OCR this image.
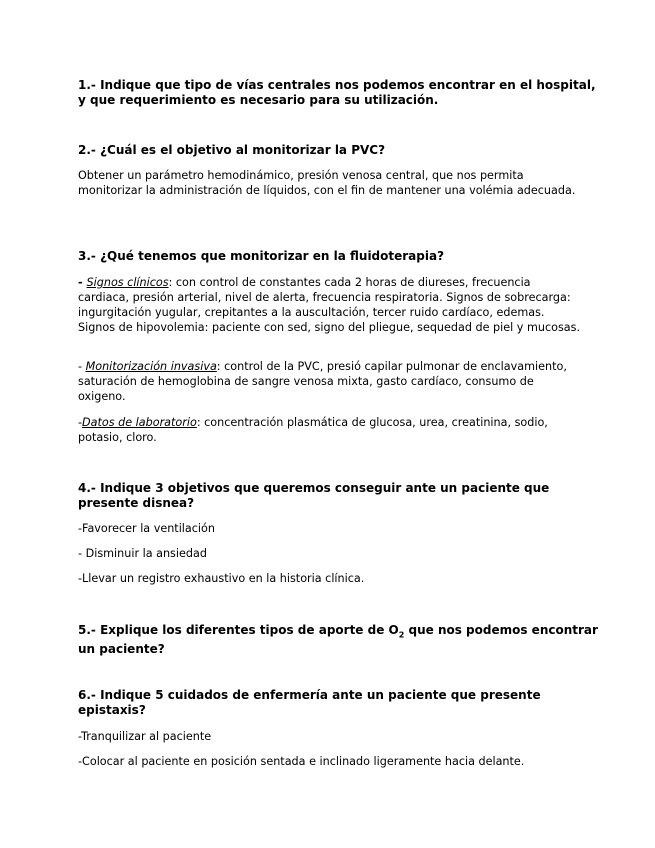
1.- Indique que tipo de vías centrales nos podemos encontrar en el hospital, y que requerimiento es necesario para su utilización.

2.- ¿Cuál es el objetivo al monitorizar la PVC?

Obtener un parámetro hemodinámico, presión venosa central, que nos permita monitorizar la administración de líquidos, con el fin de mantener una volémia adecuada.

3.- ¿Qué tenemos que monitorizar en la fluidoterapia?

- Signos clínicos: con control de constantes cada 2 horas de diureses, frecuencia cardiaca, presión arterial, nivel de alerta, frecuencia respiratoria. Signos de sobrecarga: ingurgitación yugular, crepitantes a la auscultación, tercer ruido cardíaco, edemas. Signos de hipovolemia: paciente con sed, signo del pliegue, sequedad de piel y mucosas.

- Monitorización invasiva: control de la PVC, presió capilar pulmonar de enclavamiento, saturación de hemoglobina de sangre venosa mixta, gasto cardíaco, consumo de oxigeno.

-Datos de laboratorio: concentración plasmática de glucosa, urea, creatinina, sodio, potasio, cloro.

4.- Indique 3 objetivos que queremos conseguir ante un paciente que presente disnea?

-Favorecer la ventilación

- Disminuir la ansiedad

-Llevar un registro exhaustivo en la historia clínica.

5.- Explique los diferentes tipos de aporte de $O_2$ que nos podemos encontrar un paciente?

6.- Indique 5 cuidados de enfermería ante un paciente que presente epistaxis?

-Tranquilizar al paciente

-Colocar al paciente en posición sentada e inclinado ligeramente hacia delante.
